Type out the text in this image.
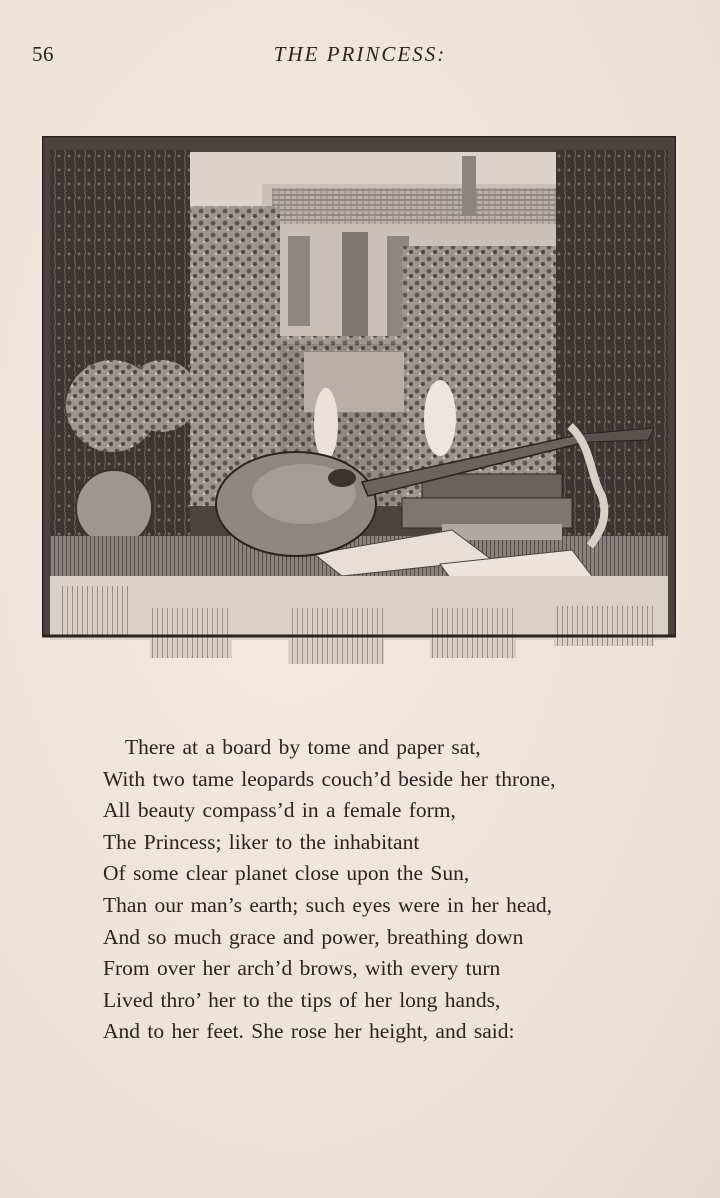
56	THE PRINCESS:
There at a board by tome and paper sat,
With two tame leopards couch’d beside her throne,
All beauty compass’d in a female form,
The Princess; liker to the inhabitant
Of some clear planet close upon the Sun,
Than our man’s earth; such eyes were in her head,
And so much grace and power, breathing down
From over her arch’d brows, with every turn
Lived thro’ her to the tips of her long hands,
And to her feet. She rose her height, and said:
